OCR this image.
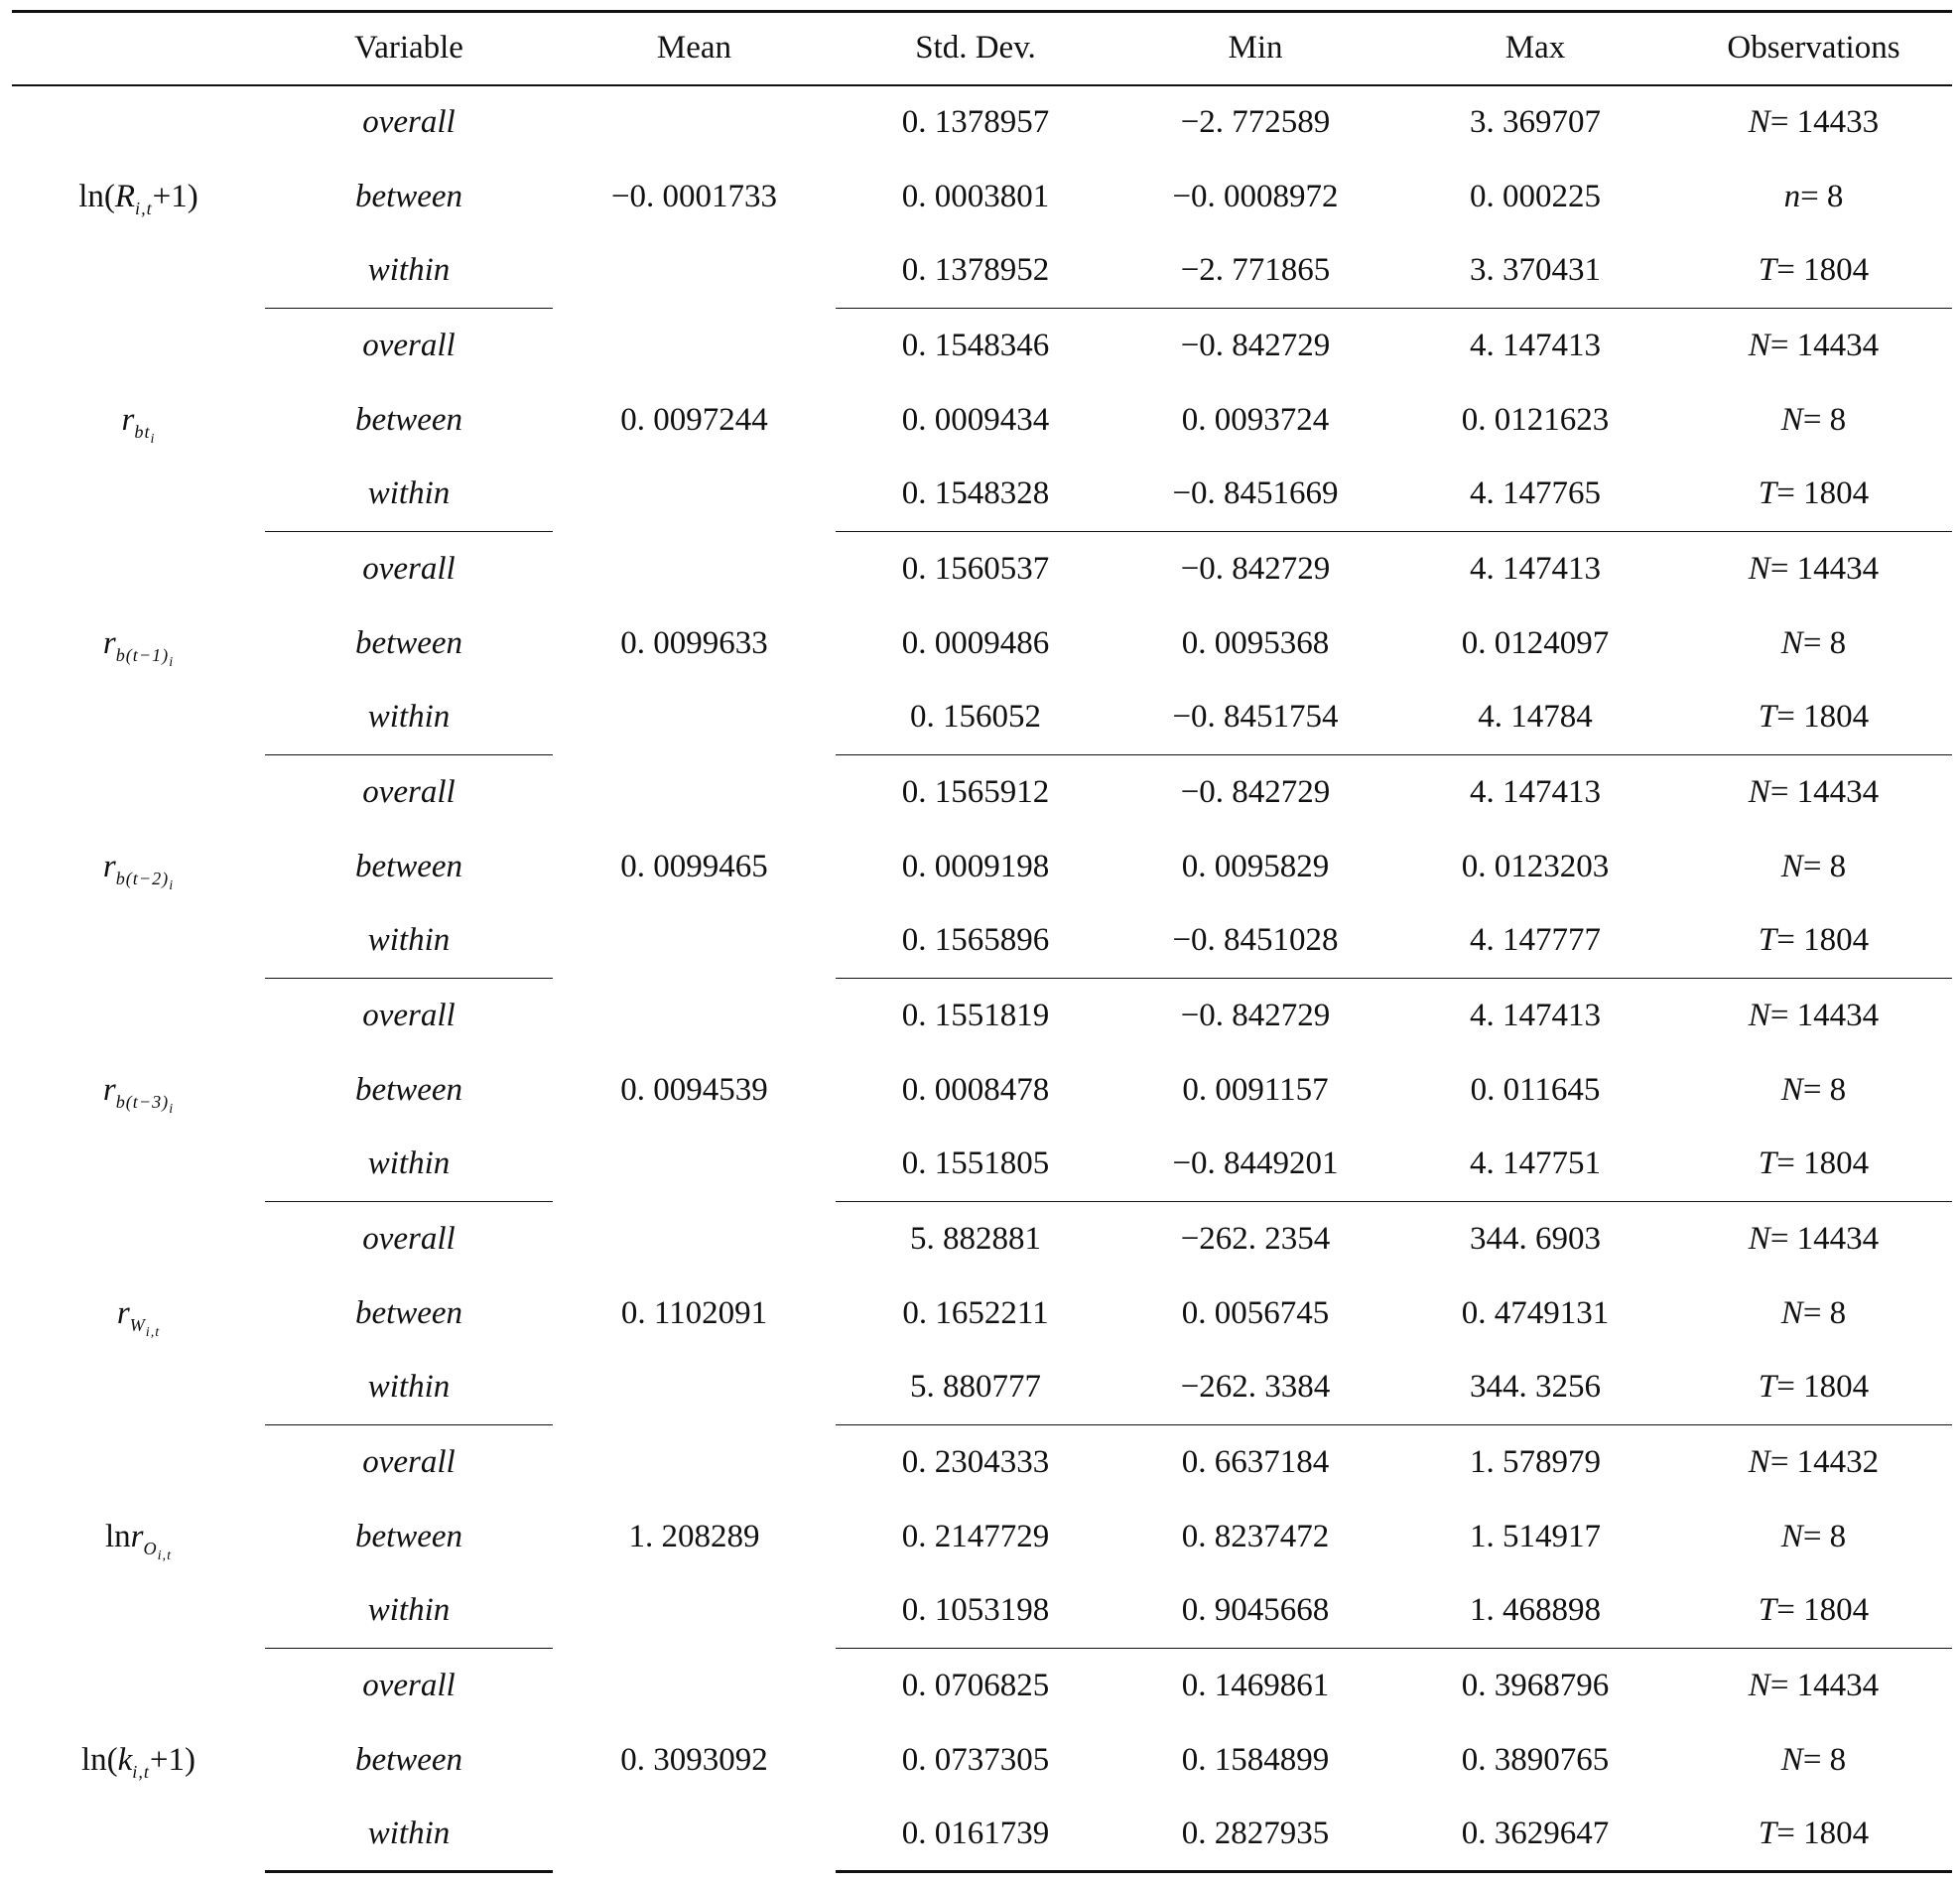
	Variable	Mean	Std. Dev.	Min	Max	Observations
$\ln(R_{i,t}+1)$	overall	−0. 0001733	0. 1378957	−2. 772589	3. 369707	N= 14433
	between		0. 0003801	−0. 0008972	0. 000225	n= 8
	within		0. 1378952	−2. 771865	3. 370431	T= 1804
$r_{bt_i}$	overall	0. 0097244	0. 1548346	−0. 842729	4. 147413	N= 14434
	between		0. 0009434	0. 0093724	0. 0121623	N= 8
	within		0. 1548328	−0. 8451669	4. 147765	T= 1804
$r_{b(t-1)_i}$	overall	0. 0099633	0. 1560537	−0. 842729	4. 147413	N= 14434
	between		0. 0009486	0. 0095368	0. 0124097	N= 8
	within		0. 156052	−0. 8451754	4. 14784	T= 1804
$r_{b(t-2)_i}$	overall	0. 0099465	0. 1565912	−0. 842729	4. 147413	N= 14434
	between		0. 0009198	0. 0095829	0. 0123203	N= 8
	within		0. 1565896	−0. 8451028	4. 147777	T= 1804
$r_{b(t-3)_i}$	overall	0. 0094539	0. 1551819	−0. 842729	4. 147413	N= 14434
	between		0. 0008478	0. 0091157	0. 011645	N= 8
	within		0. 1551805	−0. 8449201	4. 147751	T= 1804
$r_{W_{i,t}}$	overall	0. 1102091	5. 882881	−262. 2354	344. 6903	N= 14434
	between		0. 1652211	0. 0056745	0. 4749131	N= 8
	within		5. 880777	−262. 3384	344. 3256	T= 1804
lnr$_{O_{i,t}}$	overall	1. 208289	0. 2304333	0. 6637184	1. 578979	N= 14432
	between		0. 2147729	0. 8237472	1. 514917	N= 8
	within		0. 1053198	0. 9045668	1. 468898	T= 1804
$\ln(k_{i,t}+1)$	overall	0. 3093092	0. 0706825	0. 1469861	0. 3968796	N= 14434
	between		0. 0737305	0. 1584899	0. 3890765	N= 8
	within		0. 0161739	0. 2827935	0. 3629647	T= 1804
